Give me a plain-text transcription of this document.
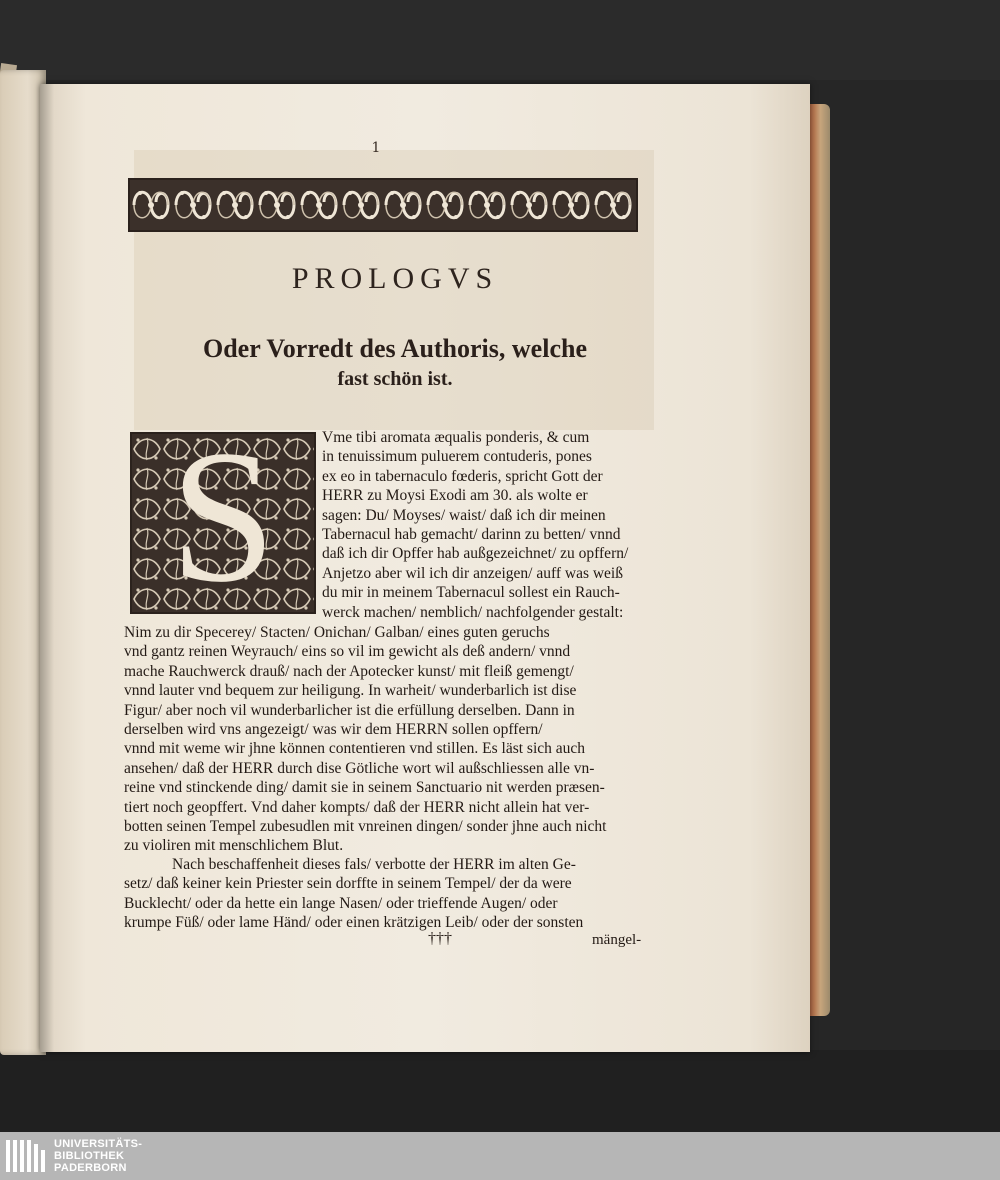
1
PROLOGVS
Oder Vorredt des Authoris, welche
fast schön ist.
S	Vme tibi aromata æqualis ponderis, & cum
in tenuissimum puluerem contuderis, pones
ex eo in tabernaculo fœderis, spricht Gott der
HERR zu Moysi Exodi am 30. als wolte er
sagen: Du/ Moyses/ waist/ daß ich dir meinen
Tabernacul hab gemacht/ darinn zu betten/ vnnd
daß ich dir Opffer hab außgezeichnet/ zu opffern/
Anjetzo aber wil ich dir anzeigen/ auff was weiß
du mir in meinem Tabernacul sollest ein Rauch-
werck machen/ nemblich/ nachfolgender gestalt:
Nim zu dir Specerey/ Stacten/ Onichan/ Galban/ eines guten geruchs
vnd gantz reinen Weyrauch/ eins so vil im gewicht als deß andern/ vnnd
mache Rauchwerck drauß/ nach der Apotecker kunst/ mit fleiß gemengt/
vnnd lauter vnd bequem zur heiligung. In warheit/ wunderbarlich ist dise
Figur/ aber noch vil wunderbarlicher ist die erfüllung derselben. Dann in
derselben wird vns angezeigt/ was wir dem HERRN sollen opffern/
vnnd mit weme wir jhne können contentieren vnd stillen. Es läst sich auch
ansehen/ daß der HERR durch dise Götliche wort wil außschliessen alle vn-
reine vnd stinckende ding/ damit sie in seinem Sanctuario nit werden præsen-
tiert noch geopffert. Vnd daher kompts/ daß der HERR nicht allein hat ver-
botten seinen Tempel zubesudlen mit vnreinen dingen/ sonder jhne auch nicht
zu violiren mit menschlichem Blut.
Nach beschaffenheit dieses fals/ verbotte der HERR im alten Ge-
setz/ daß keiner kein Priester sein dorffte in seinem Tempel/ der da were
Bucklecht/ oder da hette ein lange Nasen/ oder trieffende Augen/ oder
krumpe Füß/ oder lame Händ/ oder einen krätzigen Leib/ oder der sonsten
†††	mängel-
UNIVERSITÄTS-
BIBLIOTHEK
PADERBORN
